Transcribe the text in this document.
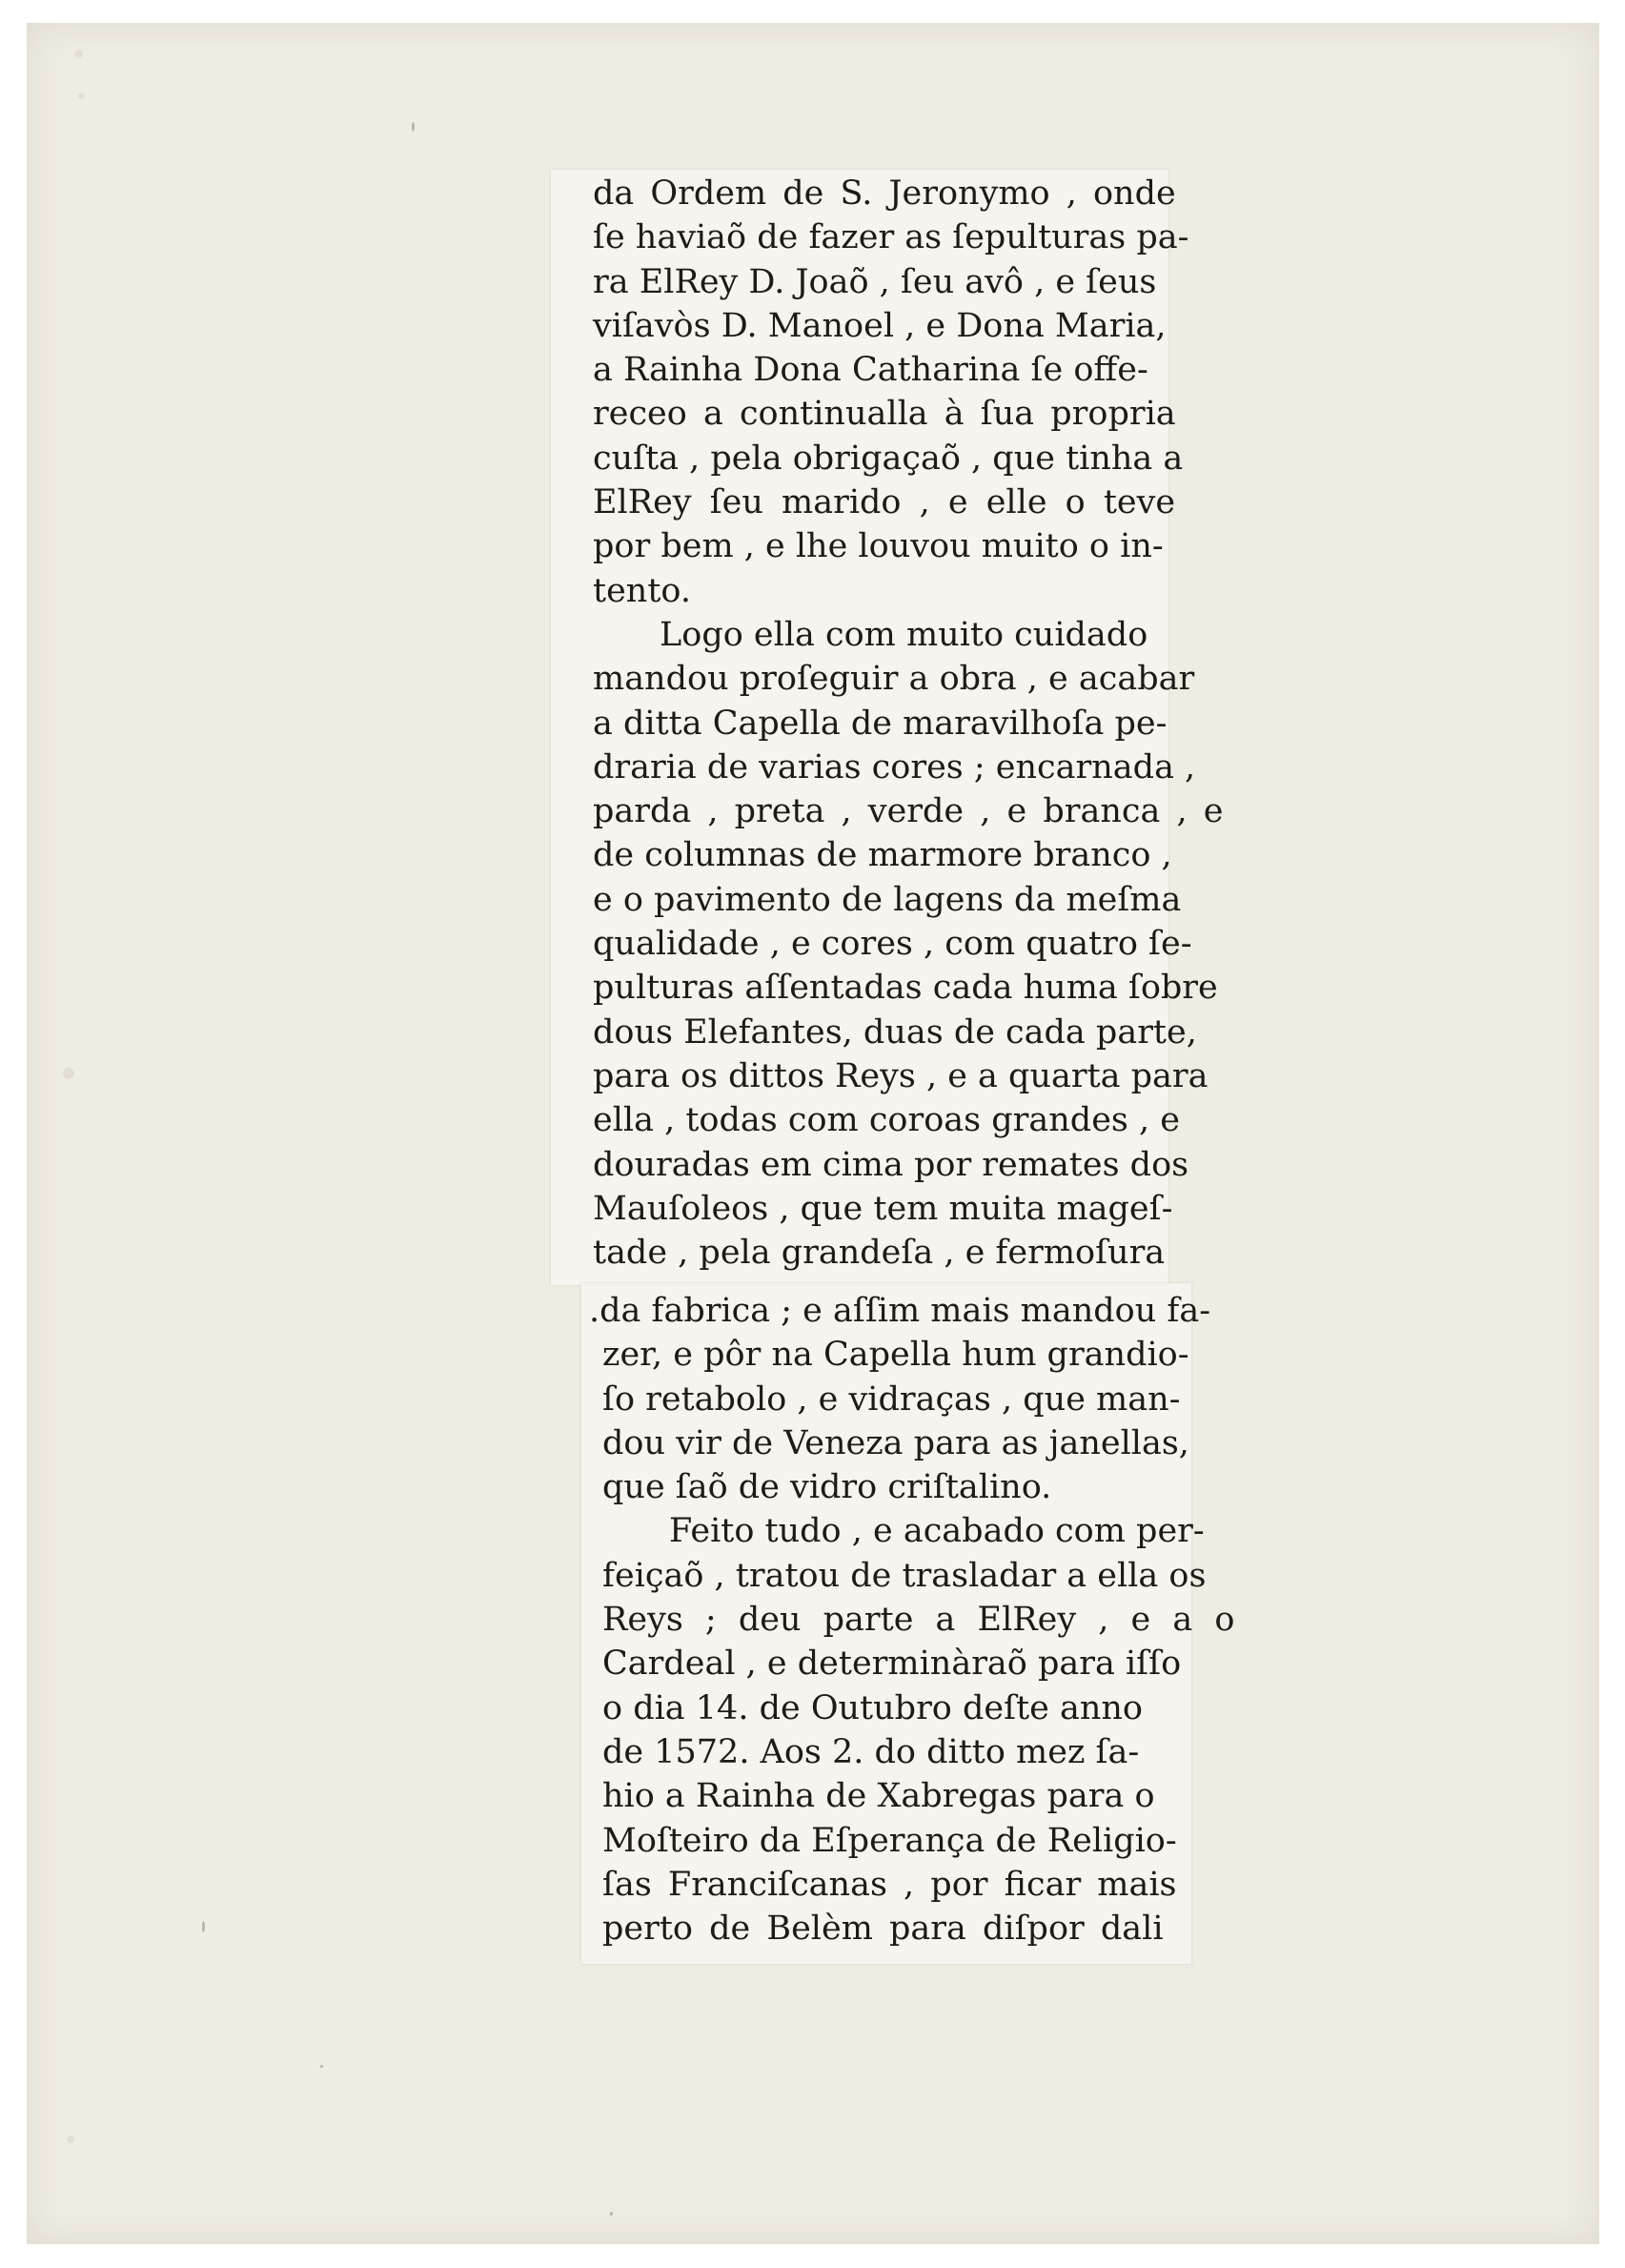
da Ordem de S. Jeronymo , onde
ſe haviaõ de fazer as ſepulturas pa-
ra ElRey D. Joaõ , ſeu avô , e ſeus
viſavòs D. Manoel , e Dona Maria,
a Rainha Dona Catharina ſe offe-
receo a continualla à ſua propria
cuſta , pela obrigaçaõ , que tinha a
ElRey ſeu marido , e elle o teve
por bem , e lhe louvou muito o in-
tento.
Logo ella com muito cuidado
mandou proſeguir a obra , e acabar
a ditta Capella de maravilhoſa pe-
draria de varias cores ; encarnada ,
parda , preta , verde , e branca , e
de columnas de marmore branco ,
e o pavimento de lagens da meſma
qualidade , e cores , com quatro ſe-
pulturas aſſentadas cada huma ſobre
dous Elefantes, duas de cada parte,
para os dittos Reys , e a quarta para
ella , todas com coroas grandes , e
douradas em cima por remates dos
Mauſoleos , que tem muita mageſ-
tade , pela grandeſa , e fermoſura
.da fabrica ; e aſſim mais mandou fa-
zer, e pôr na Capella hum grandio-
ſo retabolo , e vidraças , que man-
dou vir de Veneza para as janellas,
que ſaõ de vidro criſtalino.
Feito tudo , e acabado com per-
feiçaõ , tratou de trasladar a ella os
Reys ; deu parte a ElRey , e a o
Cardeal , e determinàraõ para iſſo
o dia 14. de Outubro deſte anno
de 1572. Aos 2. do ditto mez ſa-
hio a Rainha de Xabregas para o
Moſteiro da Eſperança de Religio-
ſas Franciſcanas , por ficar mais
perto de Belèm para diſpor dali
